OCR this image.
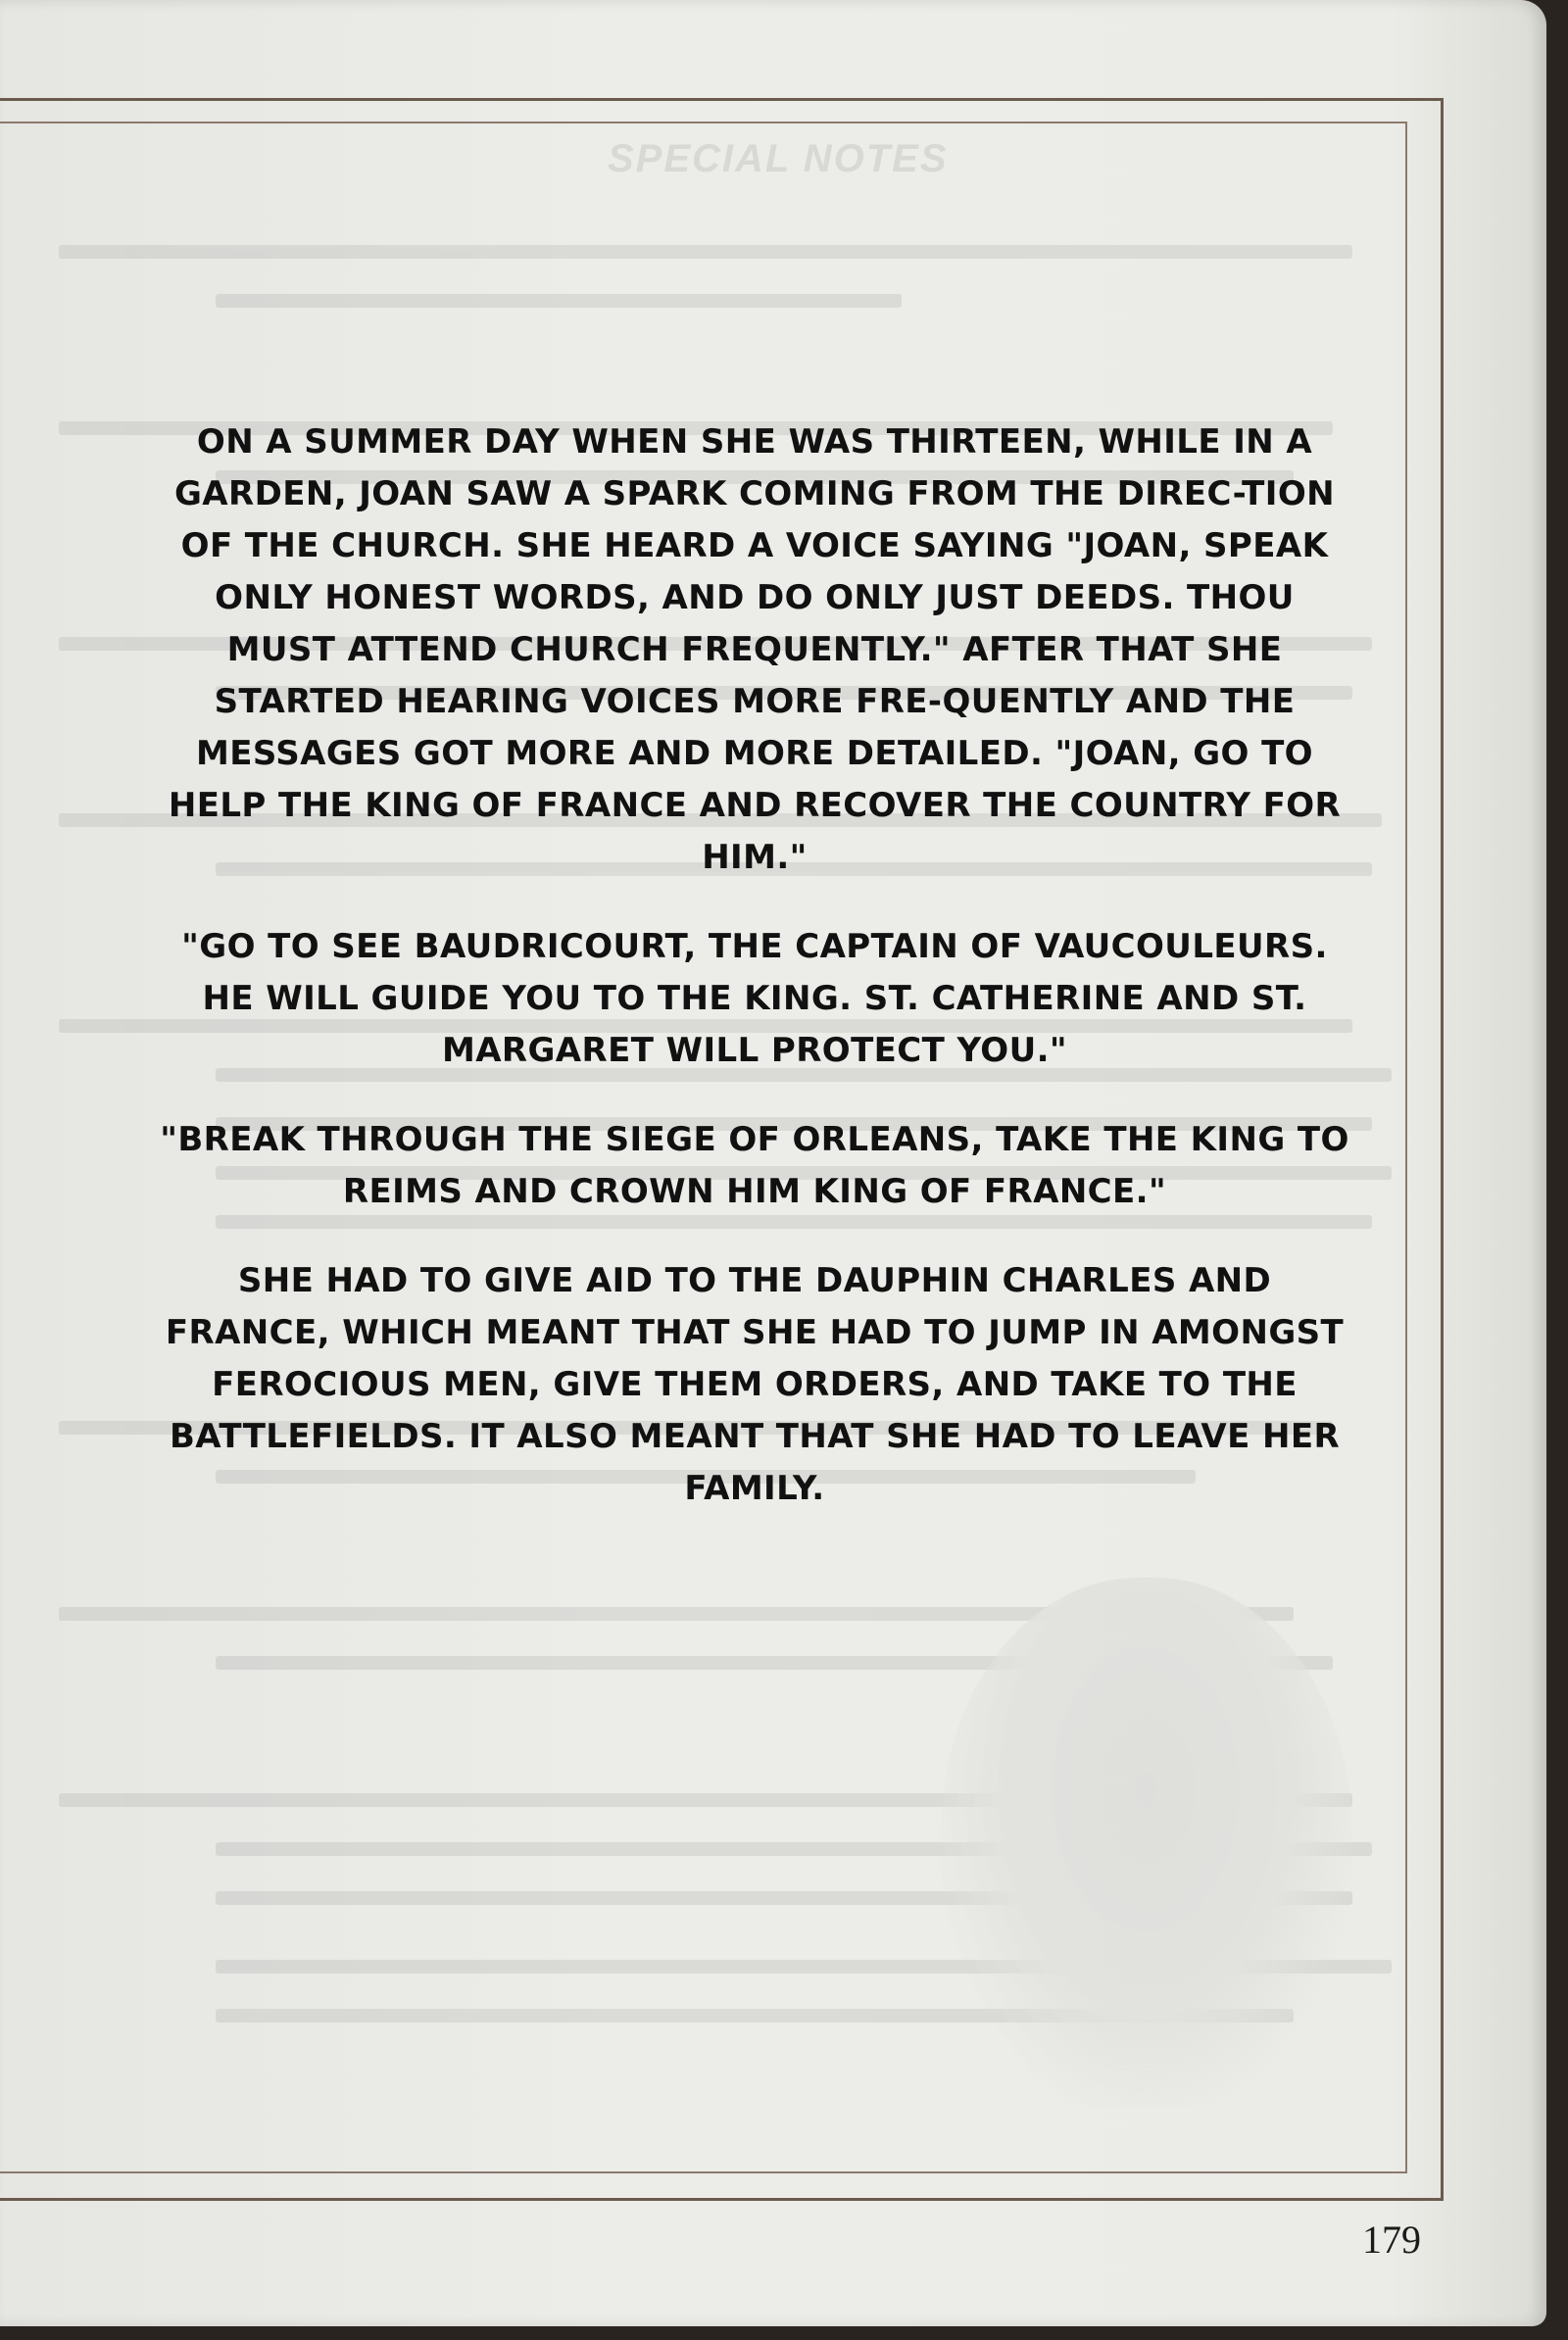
SPECIAL NOTES

ON A SUMMER DAY WHEN SHE WAS THIRTEEN, WHILE IN A GARDEN, JOAN SAW A SPARK COMING FROM THE DIREC-TION OF THE CHURCH. SHE HEARD A VOICE SAYING "JOAN, SPEAK ONLY HONEST WORDS, AND DO ONLY JUST DEEDS. THOU MUST ATTEND CHURCH FREQUENTLY." AFTER THAT SHE STARTED HEARING VOICES MORE FRE-QUENTLY AND THE MESSAGES GOT MORE AND MORE DETAILED. "JOAN, GO TO HELP THE KING OF FRANCE AND RECOVER THE COUNTRY FOR HIM."

"GO TO SEE BAUDRICOURT, THE CAPTAIN OF VAUCOULEURS. HE WILL GUIDE YOU TO THE KING. ST. CATHERINE AND ST. MARGARET WILL PROTECT YOU."

"BREAK THROUGH THE SIEGE OF ORLEANS, TAKE THE KING TO REIMS AND CROWN HIM KING OF FRANCE."

SHE HAD TO GIVE AID TO THE DAUPHIN CHARLES AND FRANCE, WHICH MEANT THAT SHE HAD TO JUMP IN AMONGST FEROCIOUS MEN, GIVE THEM ORDERS, AND TAKE TO THE BATTLEFIELDS. IT ALSO MEANT THAT SHE HAD TO LEAVE HER FAMILY.

179
